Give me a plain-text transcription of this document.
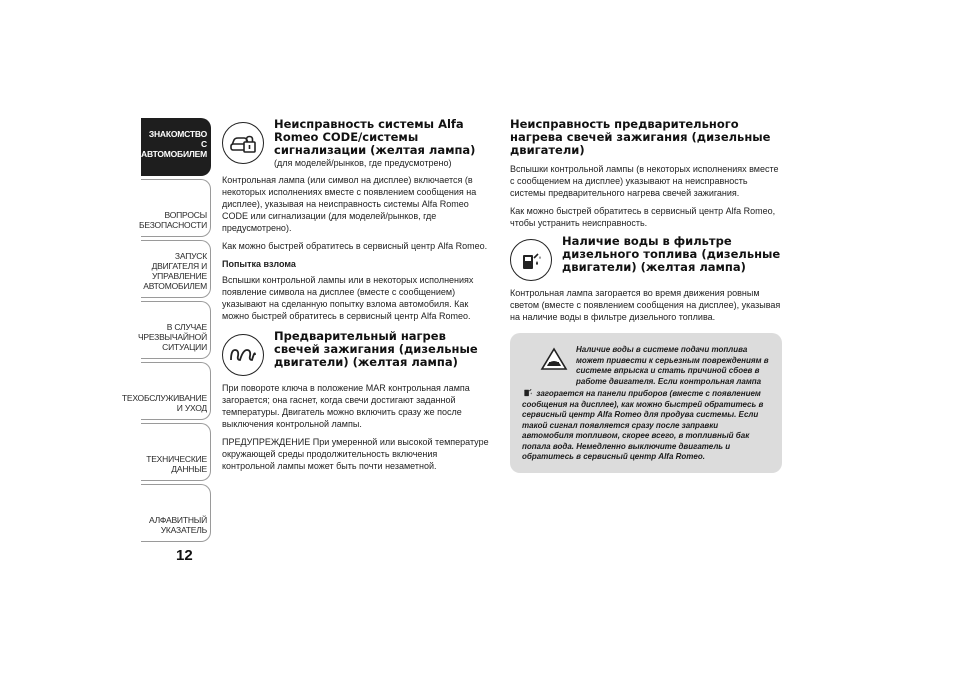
ЗНАКОМСТВО С
АВТОМОБИЛЕМ
ВОПРОСЫ
БЕЗОПАСНОСТИ
ЗАПУСК ДВИГАТЕЛЯ И
УПРАВЛЕНИЕ
АВТОМОБИЛЕМ
В СЛУЧАЕ
ЧРЕЗВЫЧАЙНОЙ
СИТУАЦИИ
ТЕХОБСЛУЖИВАНИЕ
И УХОД
ТЕХНИЧЕСКИЕ
ДАННЫЕ
АЛФАВИТНЫЙ
УКАЗАТЕЛЬ
12
Неисправность системы Alfa Romeo CODE/системы сигнализации (желтая лампа)
(для моделей/рынков, где предусмотрено)

Контрольная лампа (или символ на дисплее) включается (в некоторых исполнениях вместе с появлением сообщения на дисплее), указывая на неисправность системы Alfa Romeo CODE или сигнализации (для моделей/рынков, где предусмотрено).

Как можно быстрей обратитесь в сервисный центр Alfa Romeo.

Попытка взлома

Вспышки контрольной лампы или в некоторых исполнениях появление символа на дисплее (вместе с сообщением) указывают на сделанную попытку взлома автомобиля. Как можно быстрей обратитесь в сервисный центр Alfa Romeo.

Предварительный нагрев свечей зажигания (дизельные двигатели) (желтая лампа)

При повороте ключа в положение MAR контрольная лампа загорается; она гаснет, когда свечи достигают заданной температуры. Двигатель можно включить сразу же после выключения контрольной лампы.

ПРЕДУПРЕЖДЕНИЕ При умеренной или высокой температуре окружающей среды продолжительность включения контрольной лампы может быть почти незаметной.

Неисправность предварительного нагрева свечей зажигания (дизельные двигатели)

Вспышки контрольной лампы (в некоторых исполнениях вместе с сообщением на дисплее) указывают на неисправность системы предварительного нагрева свечей зажигания.

Как можно быстрей обратитесь в сервисный центр Alfa Romeo, чтобы устранить неисправность.

Наличие воды в фильтре дизельного топлива (дизельные двигатели) (желтая лампа)

Контрольная лампа загорается во время движения ровным светом (вместе с появлением сообщения на дисплее), указывая на наличие воды в фильтре дизельного топлива.

Наличие воды в системе подачи топлива может привести к серьезным повреждениям в системе впрыска и стать причиной сбоев в работе двигателя. Если контрольная лампа

загорается на панели приборов (вместе с появлением сообщения на дисплее), как можно быстрей обратитесь в сервисный центр Alfa Romeo для продува системы. Если такой сигнал появляется сразу после заправки автомобиля топливом, скорее всего, в топливный бак попала вода. Немедленно выключите двигатель и обратитесь в сервисный центр Alfa Romeo.
